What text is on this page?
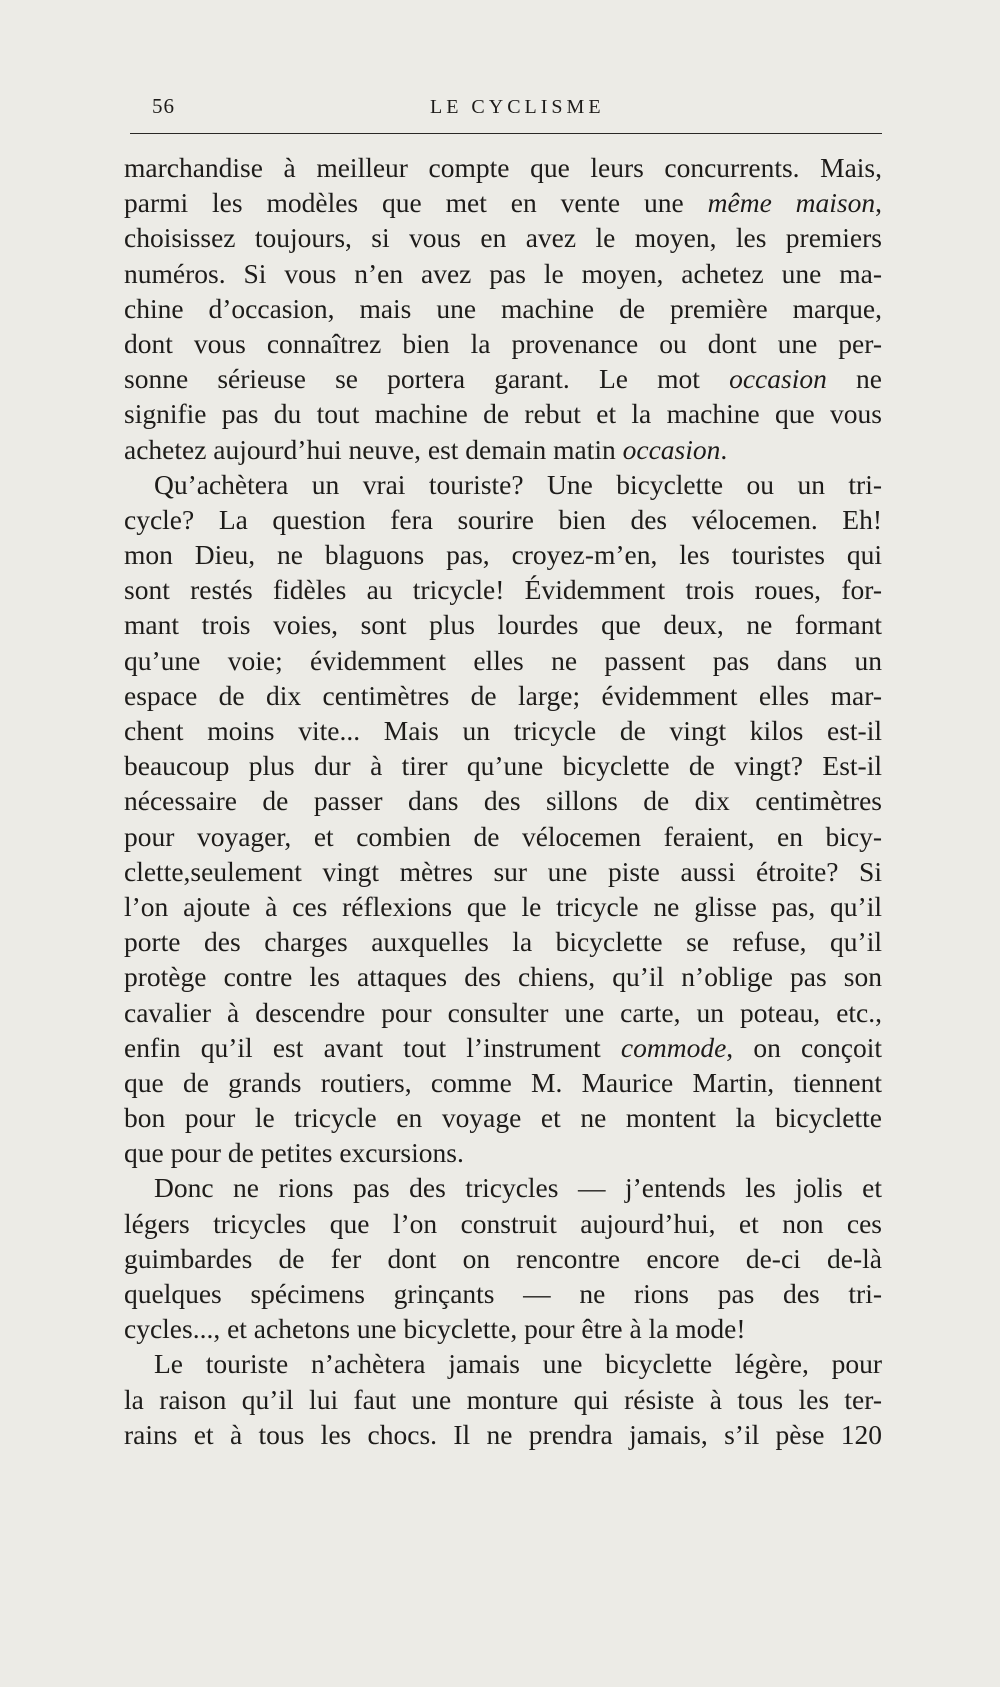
56	LE CYCLISME
marchandise à meilleur compte que leurs concurrents. Mais,
parmi les modèles que met en vente une même maison,
choisissez toujours, si vous en avez le moyen, les premiers
numéros. Si vous n’en avez pas le moyen, achetez une ma-
chine d’occasion, mais une machine de première marque,
dont vous connaîtrez bien la provenance ou dont une per-
sonne sérieuse se portera garant. Le mot occasion ne
signifie pas du tout machine de rebut et la machine que vous
achetez aujourd’hui neuve, est demain matin occasion.
Qu’achètera un vrai touriste? Une bicyclette ou un tri-
cycle? La question fera sourire bien des vélocemen. Eh!
mon Dieu, ne blaguons pas, croyez-m’en, les touristes qui
sont restés fidèles au tricycle! Évidemment trois roues, for-
mant trois voies, sont plus lourdes que deux, ne formant
qu’une voie; évidemment elles ne passent pas dans un
espace de dix centimètres de large; évidemment elles mar-
chent moins vite... Mais un tricycle de vingt kilos est-il
beaucoup plus dur à tirer qu’une bicyclette de vingt? Est-il
nécessaire de passer dans des sillons de dix centimètres
pour voyager, et combien de vélocemen feraient, en bicy-
clette,seulement vingt mètres sur une piste aussi étroite? Si
l’on ajoute à ces réflexions que le tricycle ne glisse pas, qu’il
porte des charges auxquelles la bicyclette se refuse, qu’il
protège contre les attaques des chiens, qu’il n’oblige pas son
cavalier à descendre pour consulter une carte, un poteau, etc.,
enfin qu’il est avant tout l’instrument commode, on conçoit
que de grands routiers, comme M. Maurice Martin, tiennent
bon pour le tricycle en voyage et ne montent la bicyclette
que pour de petites excursions.
Donc ne rions pas des tricycles — j’entends les jolis et
légers tricycles que l’on construit aujourd’hui, et non ces
guimbardes de fer dont on rencontre encore de-ci de-là
quelques spécimens grinçants — ne rions pas des tri-
cycles..., et achetons une bicyclette, pour être à la mode!
Le touriste n’achètera jamais une bicyclette légère, pour
la raison qu’il lui faut une monture qui résiste à tous les ter-
rains et à tous les chocs. Il ne prendra jamais, s’il pèse 120
